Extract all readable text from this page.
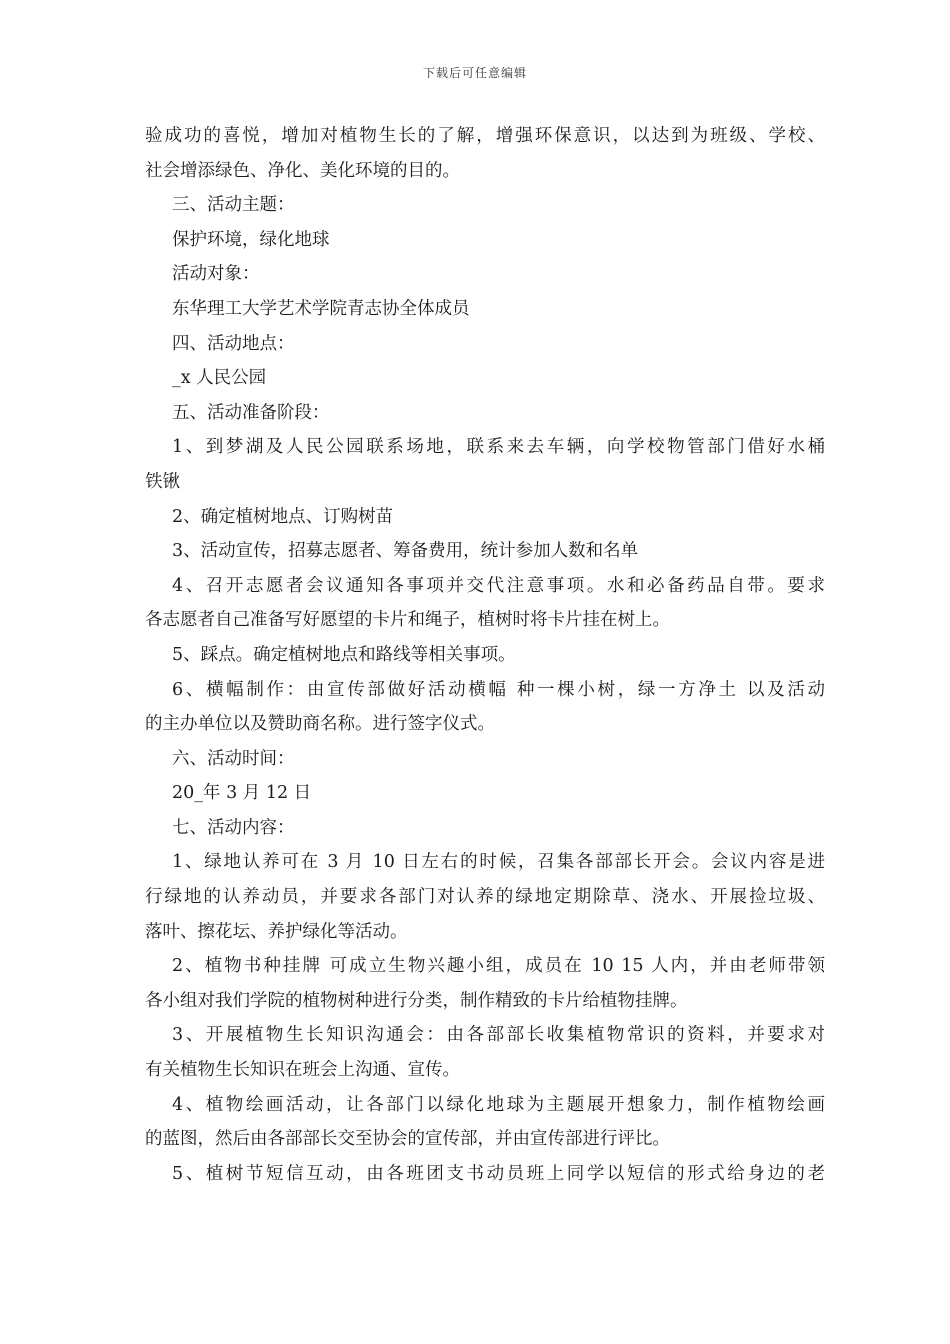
下载后可任意编辑
验成功的喜悦，增加对植物生长的了解，增强环保意识，以达到为班级、学校、
社会增添绿色、净化、美化环境的目的。
三、活动主题：
保护环境，绿化地球
活动对象：
东华理工大学艺术学院青志协全体成员
四、活动地点：
_x 人民公园
五、活动准备阶段：
1、到梦湖及人民公园联系场地，联系来去车辆，向学校物管部门借好水桶
铁锹
2、确定植树地点、订购树苗
3、活动宣传，招募志愿者、筹备费用，统计参加人数和名单
4、召开志愿者会议通知各事项并交代注意事项。水和必备药品自带。要求
各志愿者自己准备写好愿望的卡片和绳子，植树时将卡片挂在树上。
5、踩点。确定植树地点和路线等相关事项。
6、横幅制作：由宣传部做好活动横幅 种一棵小树，绿一方净土 以及活动
的主办单位以及赞助商名称。进行签字仪式。
六、活动时间：
20_年 3 月 12 日
七、活动内容：
1、绿地认养可在 3 月 10 日左右的时候，召集各部部长开会。会议内容是进
行绿地的认养动员，并要求各部门对认养的绿地定期除草、浇水、开展捡垃圾、
落叶、擦花坛、养护绿化等活动。
2、植物书种挂牌 可成立生物兴趣小组，成员在 10 15 人内，并由老师带领
各小组对我们学院的植物树种进行分类，制作精致的卡片给植物挂牌。
3、开展植物生长知识沟通会：由各部部长收集植物常识的资料，并要求对
有关植物生长知识在班会上沟通、宣传。
4、植物绘画活动，让各部门以绿化地球为主题展开想象力，制作植物绘画
的蓝图，然后由各部部长交至协会的宣传部，并由宣传部进行评比。
5、植树节短信互动，由各班团支书动员班上同学以短信的形式给身边的老
